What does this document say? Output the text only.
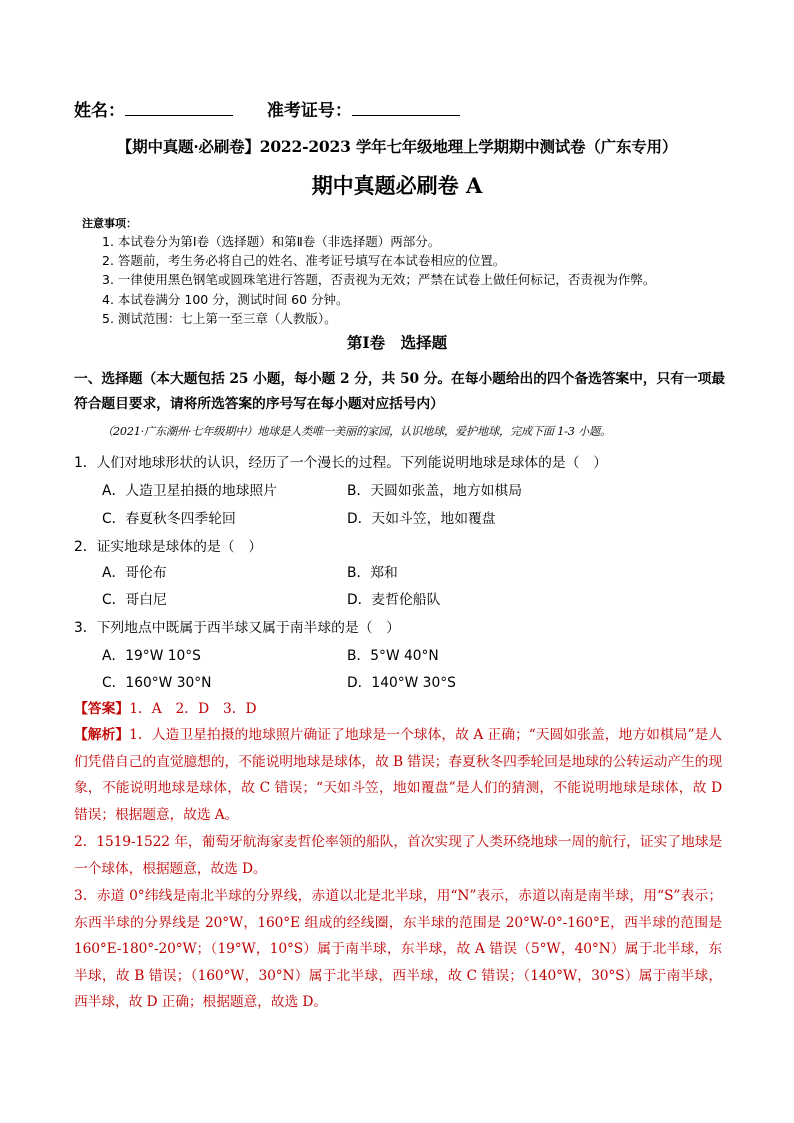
姓名：	准考证号：
【期中真题·必刷卷】2022-2023 学年七年级地理上学期期中测试卷（广东专用）
期中真题必刷卷 A
注意事项：
1. 本试卷分为第Ⅰ卷（选择题）和第Ⅱ卷（非选择题）两部分。
2. 答题前，考生务必将自己的姓名、准考证号填写在本试卷相应的位置。
3. 一律使用黑色钢笔或圆珠笔进行答题，否责视为无效；严禁在试卷上做任何标记，否责视为作弊。
4. 本试卷满分 100 分，测试时间 60 分钟。
5. 测试范围：七上第一至三章（人教版）。
第Ⅰ卷　选择题
一、选择题（本大题包括 25 小题，每小题 2 分，共 50 分。在每小题给出的四个备选答案中，只有一项最符合题目要求，请将所选答案的序号写在每小题对应括号内）
（2021·广东潮州·七年级期中）地球是人类唯一美丽的家园，认识地球，爱护地球，完成下面 1-3 小题。
1．人们对地球形状的认识，经历了一个漫长的过程。下列能说明地球是球体的是（　）
A．人造卫星拍摄的地球照片	B．天圆如张盖，地方如棋局
C．春夏秋冬四季轮回	D．天如斗笠，地如覆盘
2．证实地球是球体的是（　）
A．哥伦布	B．郑和
C．哥白尼	D．麦哲伦船队
3．下列地点中既属于西半球又属于南半球的是（　）
A．19°W 10°S	B．5°W 40°N
C．160°W 30°N	D．140°W 30°S
【答案】1．A　2．D　3．D
【解析】1．人造卫星拍摄的地球照片确证了地球是一个球体，故 A 正确；“天圆如张盖，地方如棋局”是人们凭借自己的直觉臆想的，不能说明地球是球体，故 B 错误；春夏秋冬四季轮回是地球的公转运动产生的现象，不能说明地球是球体，故 C 错误；“天如斗笠，地如覆盘”是人们的猜测，不能说明地球是球体，故 D 错误；根据题意，故选 A。
2．1519-1522 年，葡萄牙航海家麦哲伦率领的船队，首次实现了人类环绕地球一周的航行，证实了地球是一个球体，根据题意，故选 D。
3．赤道 0°纬线是南北半球的分界线，赤道以北是北半球，用“N”表示，赤道以南是南半球，用“S”表示；东西半球的分界线是 20°W，160°E 组成的经线圈，东半球的范围是 20°W-0°-160°E，西半球的范围是 160°E-180°-20°W；（19°W，10°S）属于南半球，东半球，故 A 错误（5°W，40°N）属于北半球，东半球，故 B 错误；（160°W，30°N）属于北半球，西半球，故 C 错误；（140°W，30°S）属于南半球，西半球，故 D 正确；根据题意，故选 D。
